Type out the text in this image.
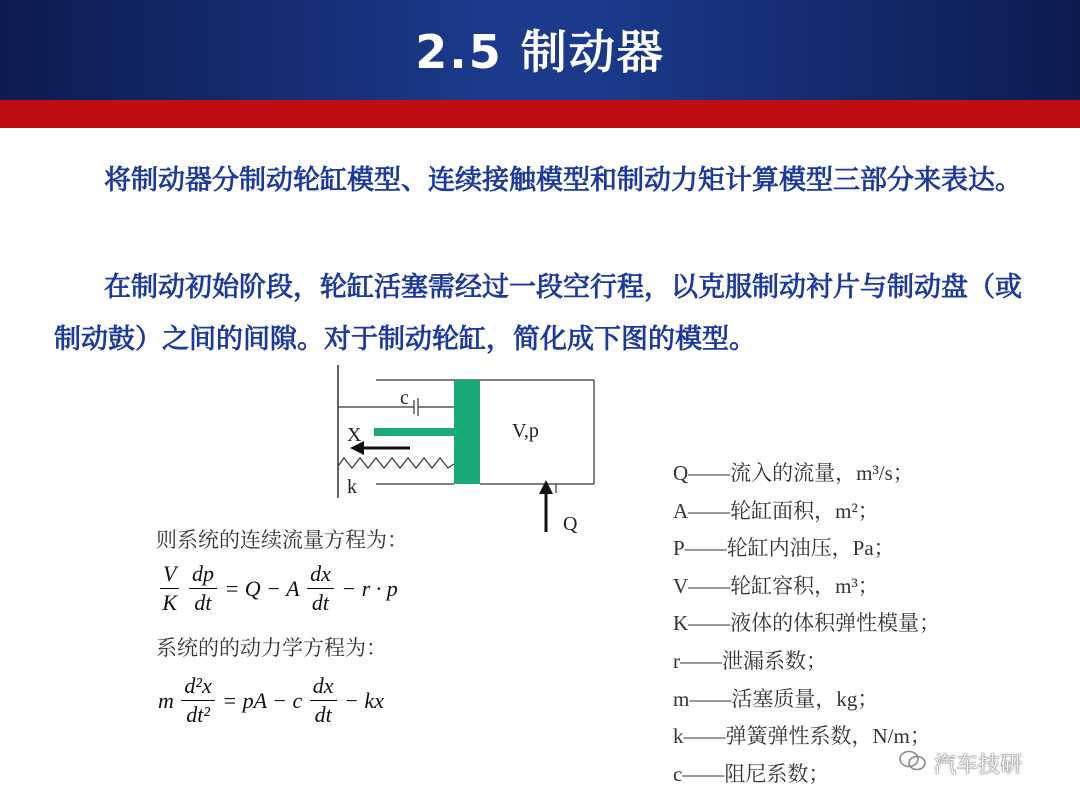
2.5 制动器
将制动器分制动轮缸模型、连续接触模型和制动力矩计算模型三部分来表达。
在制动初始阶段，轮缸活塞需经过一段空行程，以克服制动衬片与制动盘（或制动鼓）之间的间隙。对于制动轮缸，简化成下图的模型。
c
X	V,p
k
Q
则系统的连续流量方程为：
$\frac{V}{K}$
$\frac{dp}{dt} = Q - A \frac{dx}{dt} - r \cdot p$
系统的的动力学方程为：
m $\frac{\text{d²x}}{\text{dt²}}$ = pA − c $\frac{dx}{dt}$ − kx
Q——流入的流量，m³/s；
A——轮缸面积，m²；
P——轮缸内油压，Pa；
V——轮缸容积，m³；
K——液体的体积弹性模量；
r——泄漏系数；
m——活塞质量，kg；
k——弹簧弹性系数，N/m；
c——阻尼系数；	汽车技研
